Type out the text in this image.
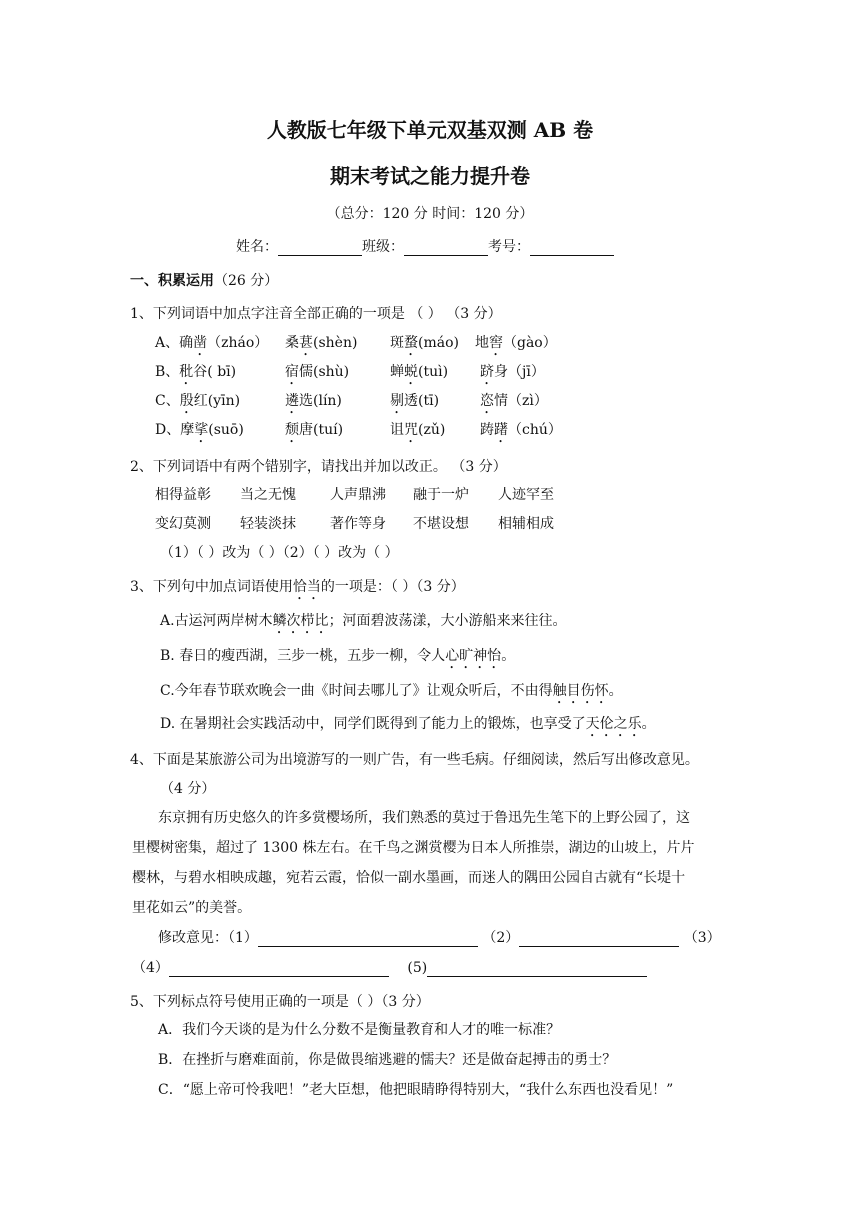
人教版七年级下单元双基双测 AB 卷
期末考试之能力提升卷
（总分：120 分 时间：120 分）
姓名：	班级：	考号：
一、积累运用（26 分）
1、下列词语中加点字注音全部正确的一项是 （ ） （3 分）
A、确凿（zháo） 桑葚(shèn) 斑蝥(máo) 地窖（gào）
B、秕谷( bī)	宿儒(shù)	蝉蜕(tuì) 跻身（jī）
C、殷红(yīn)	遴选(lín)	剔透(tī)	恣情（zì）
D、摩挲(suō)	颓唐(tuí)	诅咒(zǔ) 踌躇（chú）
2、下列词语中有两个错别字，请找出并加以改正。 （3 分）
相得益彰 当之无愧 人声鼎沸 融于一炉 人迹罕至
变幻莫测 轻装淡抹 著作等身 不堪设想 相辅相成
（1）（ ）改为（ ）（2）（ ）改为（ ）
3、下列句中加点词语使用恰当的一项是：（ ）（3 分）
A.古运河两岸树木鳞次栉比；河面碧波荡漾，大小游船来来往往。
B. 春日的瘦西湖，三步一桃，五步一柳，令人心旷神怡。
C.今年春节联欢晚会一曲《时间去哪儿了》让观众听后，不由得触目伤怀。
D. 在暑期社会实践活动中，同学们既得到了能力上的锻炼，也享受了天伦之乐。
4、下面是某旅游公司为出境游写的一则广告，有一些毛病。仔细阅读，然后写出修改意见。
（4 分）
东京拥有历史悠久的许多赏樱场所，我们熟悉的莫过于鲁迅先生笔下的上野公园了，这
里樱树密集，超过了 1300 株左右。在千鸟之渊赏樱为日本人所推崇，湖边的山坡上，片片
樱林，与碧水相映成趣，宛若云霞，恰似一副水墨画，而迷人的隅田公园自古就有“长堤十
里花如云”的美誉。
修改意见：（1）	（2）	（3）
（4）	(5)
5、下列标点符号使用正确的一项是（ ）（3 分）
A．我们今天谈的是为什么分数不是衡量教育和人才的唯一标准？
B．在挫折与磨难面前，你是做畏缩逃避的懦夫？还是做奋起搏击的勇士？
C．“愿上帝可怜我吧！”老大臣想，他把眼睛睁得特别大，“我什么东西也没看见！”
